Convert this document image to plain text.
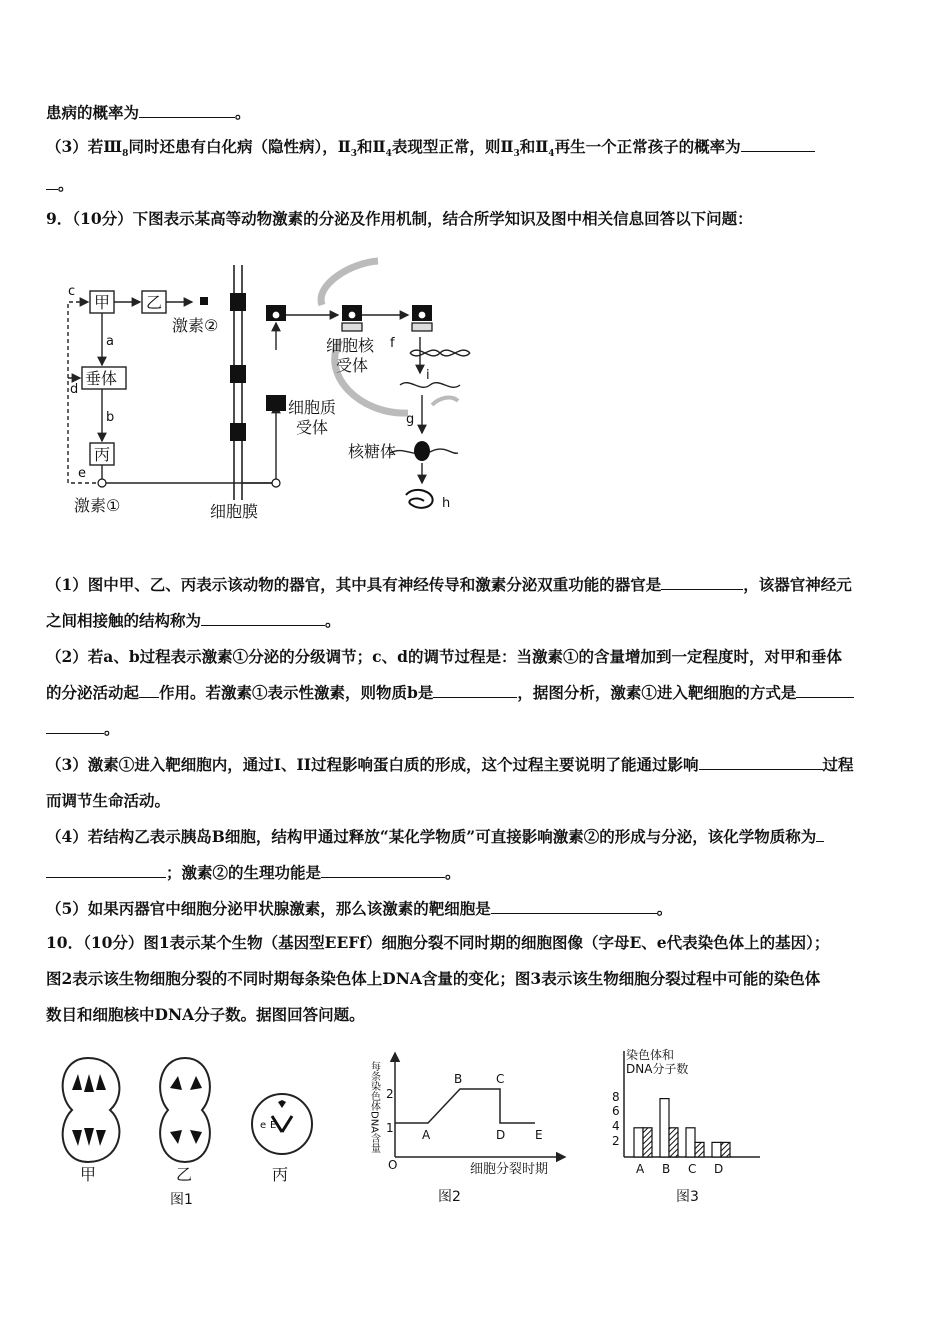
患病的概率为	。
（3）若$Ⅲ_8$同时还患有白化病（隐性病），$Ⅱ_3$和$Ⅱ_4$表现型正常，则$Ⅱ_3$和$Ⅱ_4$再生一个正常孩子的概率为
。
9．（10分）下图表示某高等动物激素的分泌及作用机制，结合所学知识及图中相关信息回答以下问题：
甲 乙
激素②
垂体
丙
激素①	细胞膜
细胞质
受体
细胞核
受体
核糖体
a
b
c
d
e
f
g
h
i
（1）图中甲、乙、丙表示该动物的器官，其中具有神经传导和激素分泌双重功能的器官是	，该器官神经元
之间相接触的结构称为	。
（2）若a、b过程表示激素①分泌的分级调节；c、d的调节过程是：当激素①的含量增加到一定程度时，对甲和垂体
的分泌活动起 作用。若激素①表示性激素，则物质b是	，据图分析，激素①进入靶细胞的方式是
。
（3）激素①进入靶细胞内，通过I、II过程影响蛋白质的形成，这个过程主要说明了能通过影响	过程
而调节生命活动。
（4）若结构乙表示胰岛B细胞，结构甲通过释放“某化学物质”可直接影响激素②的形成与分泌，该化学物质称为
；激素②的生理功能是	。
（5）如果丙器官中细胞分泌甲状腺激素，那么该激素的靶细胞是	。
10．（10分）图1表示某个生物（基因型EEFf）细胞分裂不同时期的细胞图像（字母E、e代表染色体上的基因）；
图2表示该生物细胞分裂的不同时期每条染色体上DNA含量的变化；图3表示该生物细胞分裂过程中可能的染色体
数目和细胞核中DNA分子数。据图回答问题。
e E
甲	乙	丙
图1
每条染色体DNA含量
O
1
2
A
B	C
D E
细胞分裂时期
图2
染色体和
DNA分子数
8
6
4
2
A B C D
图3
